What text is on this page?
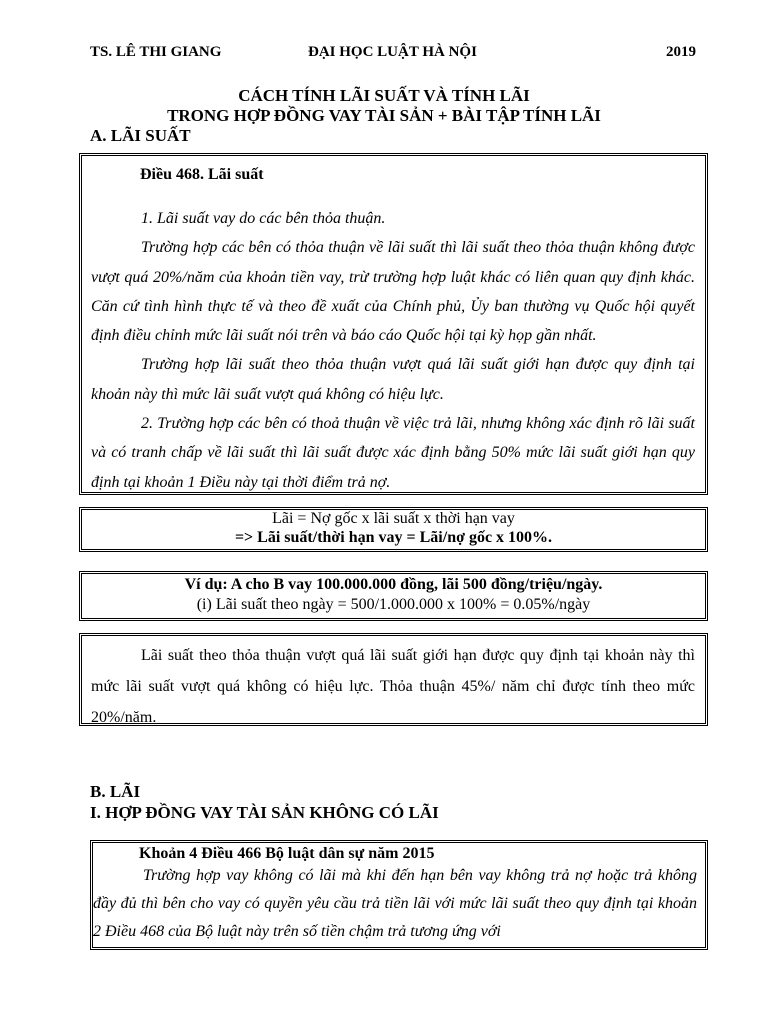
TS. LÊ THI GIANG	ĐẠI HỌC LUẬT HÀ NỘI	2019
CÁCH TÍNH LÃI SUẤT VÀ TÍNH LÃI
TRONG HỢP ĐỒNG VAY TÀI SẢN + BÀI TẬP TÍNH LÃI
A. LÃI SUẤT
Điều 468. Lãi suất

1. Lãi suất vay do các bên thỏa thuận.

Trường hợp các bên có thỏa thuận về lãi suất thì lãi suất theo thỏa thuận không được vượt quá 20%/năm của khoản tiền vay, trừ trường hợp luật khác có liên quan quy định khác. Căn cứ tình hình thực tế và theo đề xuất của Chính phủ, Ủy ban thường vụ Quốc hội quyết định điều chỉnh mức lãi suất nói trên và báo cáo Quốc hội tại kỳ họp gần nhất.

Trường hợp lãi suất theo thỏa thuận vượt quá lãi suất giới hạn được quy định tại khoản này thì mức lãi suất vượt quá không có hiệu lực.

2. Trường hợp các bên có thoả thuận về việc trả lãi, nhưng không xác định rõ lãi suất và có tranh chấp về lãi suất thì lãi suất được xác định bằng 50% mức lãi suất giới hạn quy định tại khoản 1 Điều này tại thời điểm trả nợ.

Lãi = Nợ gốc x lãi suất x thời hạn vay
=> Lãi suất/thời hạn vay = Lãi/nợ gốc x 100%.
Ví dụ: A cho B vay 100.000.000 đồng, lãi 500 đồng/triệu/ngày.
(i) Lãi suất theo ngày = 500/1.000.000 x 100% = 0.05%/ngày
Lãi suất theo thỏa thuận vượt quá lãi suất giới hạn được quy định tại khoản này thì mức lãi suất vượt quá không có hiệu lực. Thỏa thuận 45%/ năm chỉ được tính theo mức 20%/năm.
B. LÃI
I. HỢP ĐỒNG VAY TÀI SẢN KHÔNG CÓ LÃI
Khoản 4 Điều 466 Bộ luật dân sự năm 2015

Trường hợp vay không có lãi mà khi đến hạn bên vay không trả nợ hoặc trả không đầy đủ thì bên cho vay có quyền yêu cầu trả tiền lãi với mức lãi suất theo quy định tại khoản 2 Điều 468 của Bộ luật này trên số tiền chậm trả tương ứng với
